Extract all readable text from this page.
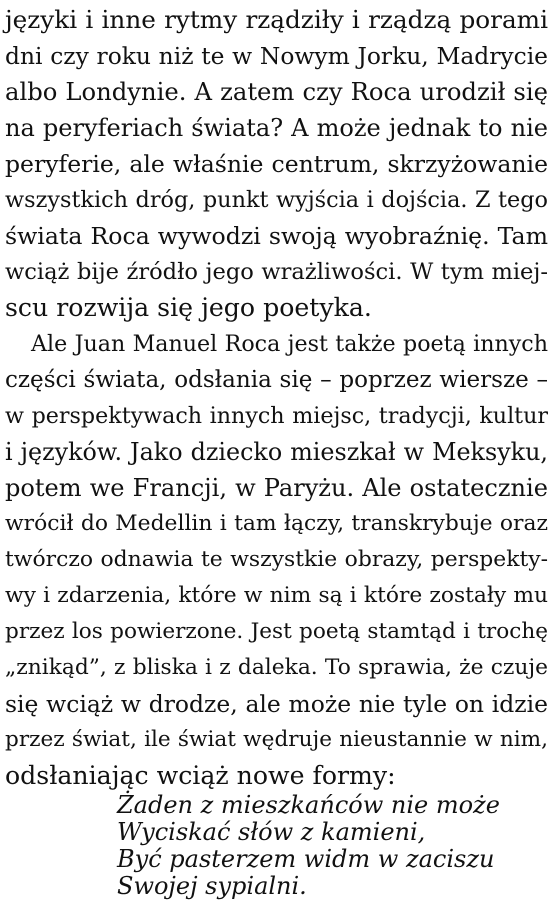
języki i inne rytmy rządziły i rządzą porami
dni czy roku niż te w Nowym Jorku, Madrycie
albo Londynie. A zatem czy Roca urodził się
na peryferiach świata? A może jednak to nie
peryferie, ale właśnie centrum, skrzyżowanie
wszystkich dróg, punkt wyjścia i dojścia. Z tego
świata Roca wywodzi swoją wyobraźnię. Tam
wciąż bije źródło jego wrażliwości. W tym miej-
scu rozwija się jego poetyka.
Ale Juan Manuel Roca jest także poetą innych
części świata, odsłania się – poprzez wiersze –
w perspektywach innych miejsc, tradycji, kultur
i języków. Jako dziecko mieszkał w Meksyku,
potem we Francji, w Paryżu. Ale ostatecznie
wrócił do Medellin i tam łączy, transkrybuje oraz
twórczo odnawia te wszystkie obrazy, perspekty-
wy i zdarzenia, które w nim są i które zostały mu
przez los powierzone. Jest poetą stamtąd i trochę
„znikąd”, z bliska i z daleka. To sprawia, że czuje
się wciąż w drodze, ale może nie tyle on idzie
przez świat, ile świat wędruje nieustannie w nim,
odsłaniając wciąż nowe formy:
Żaden z mieszkańców nie może
Wyciskać słów z kamieni,
Być pasterzem widm w zaciszu
Swojej sypialni.
